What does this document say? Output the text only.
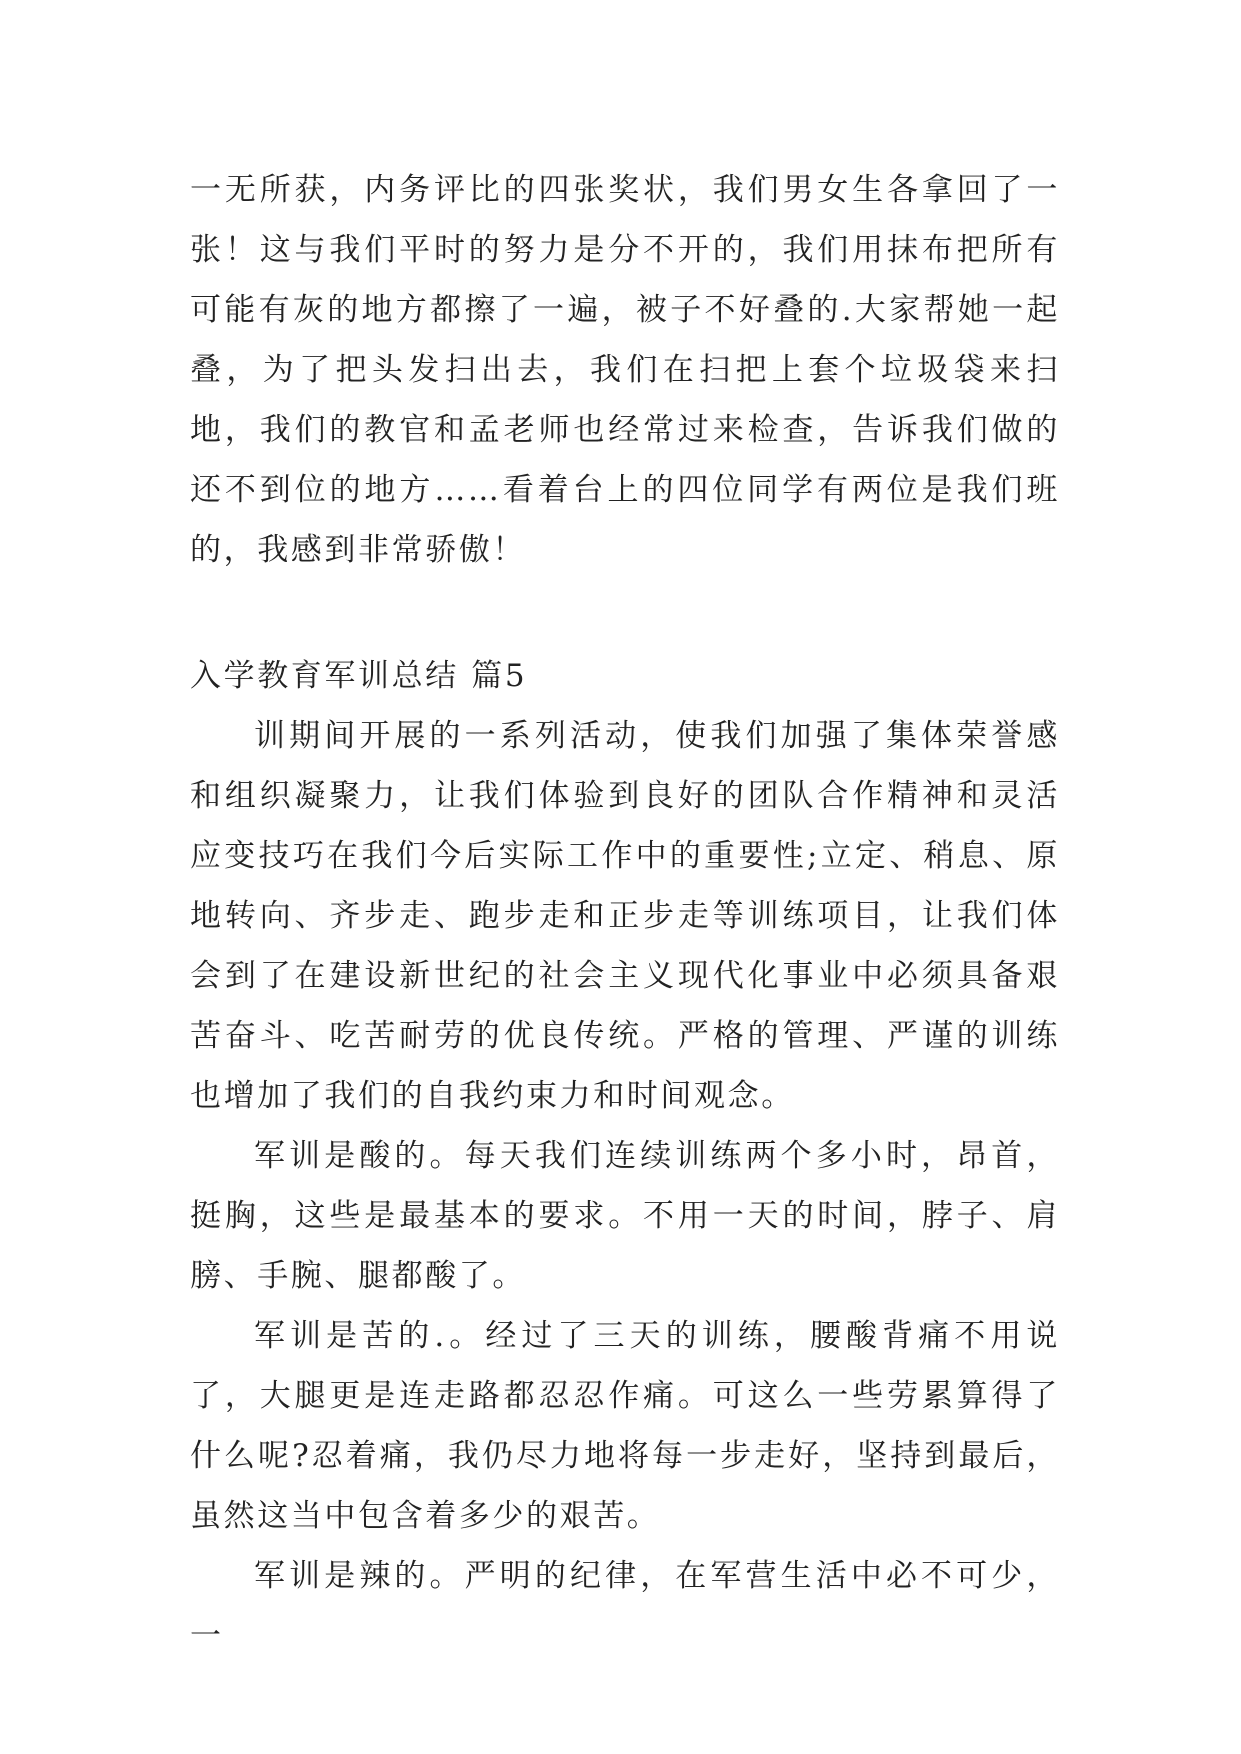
一无所获，内务评比的四张奖状，我们男女生各拿回了一张！这与我们平时的努力是分不开的，我们用抹布把所有可能有灰的地方都擦了一遍，被子不好叠的.大家帮她一起叠，为了把头发扫出去，我们在扫把上套个垃圾袋来扫地，我们的教官和孟老师也经常过来检查，告诉我们做的还不到位的地方……看着台上的四位同学有两位是我们班的，我感到非常骄傲！

入学教育军训总结 篇5

训期间开展的一系列活动，使我们加强了集体荣誉感和组织凝聚力，让我们体验到良好的团队合作精神和灵活应变技巧在我们今后实际工作中的重要性;立定、稍息、原地转向、齐步走、跑步走和正步走等训练项目，让我们体会到了在建设新世纪的社会主义现代化事业中必须具备艰苦奋斗、吃苦耐劳的优良传统。严格的管理、严谨的训练也增加了我们的自我约束力和时间观念。

军训是酸的。每天我们连续训练两个多小时，昂首，挺胸，这些是最基本的要求。不用一天的时间，脖子、肩膀、手腕、腿都酸了。

军训是苦的.。经过了三天的训练，腰酸背痛不用说了，大腿更是连走路都忍忍作痛。可这么一些劳累算得了什么呢?忍着痛，我仍尽力地将每一步走好，坚持到最后，虽然这当中包含着多少的艰苦。

军训是辣的。严明的纪律，在军营生活中必不可少，一
